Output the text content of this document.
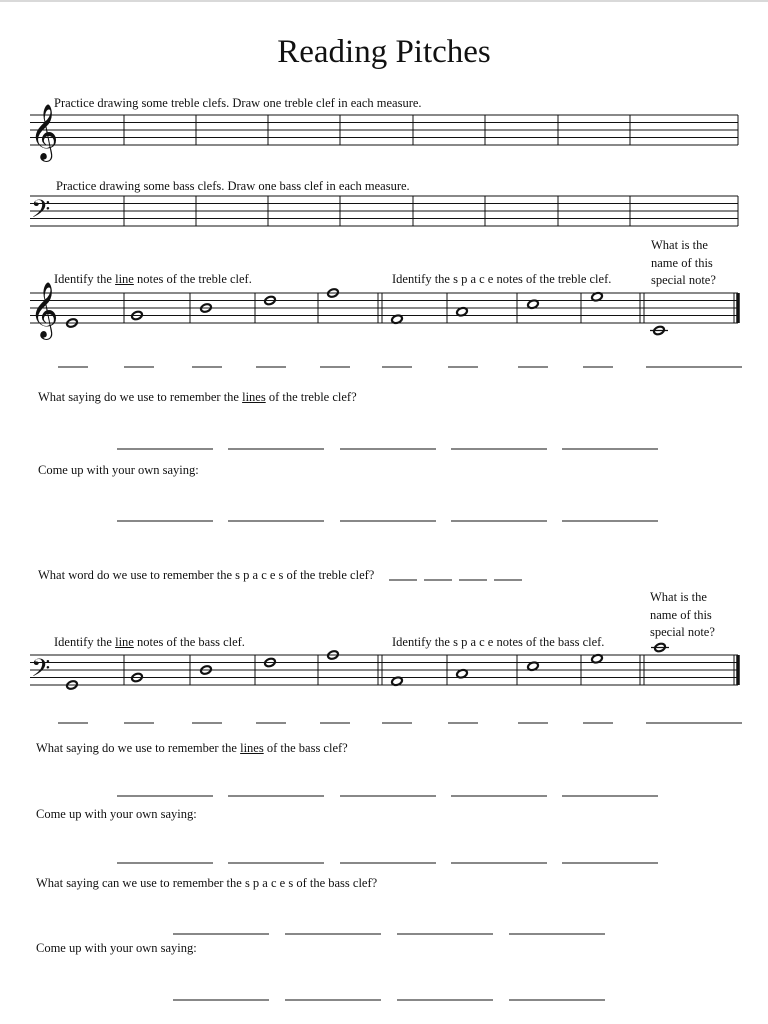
Reading Pitches
Practice drawing some treble clefs. Draw one treble clef in each measure.
Practice drawing some bass clefs. Draw one bass clef in each measure.
Identify the line notes of the treble clef.	Identify the s p a c e notes of the treble clef.
What is the name of this special note?
What saying do we use to remember the lines of the treble clef?
Come up with your own saying:
What word do we use to remember the s p a c e s of the treble clef?
What is the name of this special note?
Identify the line notes of the bass clef.	Identify the s p a c e notes of the bass clef.
What saying do we use to remember the lines of the bass clef?
Come up with your own saying:
What saying can we use to remember the s p a c e s of the bass clef?
Come up with your own saying:
𝄞
𝄢
𝄞
𝄢
